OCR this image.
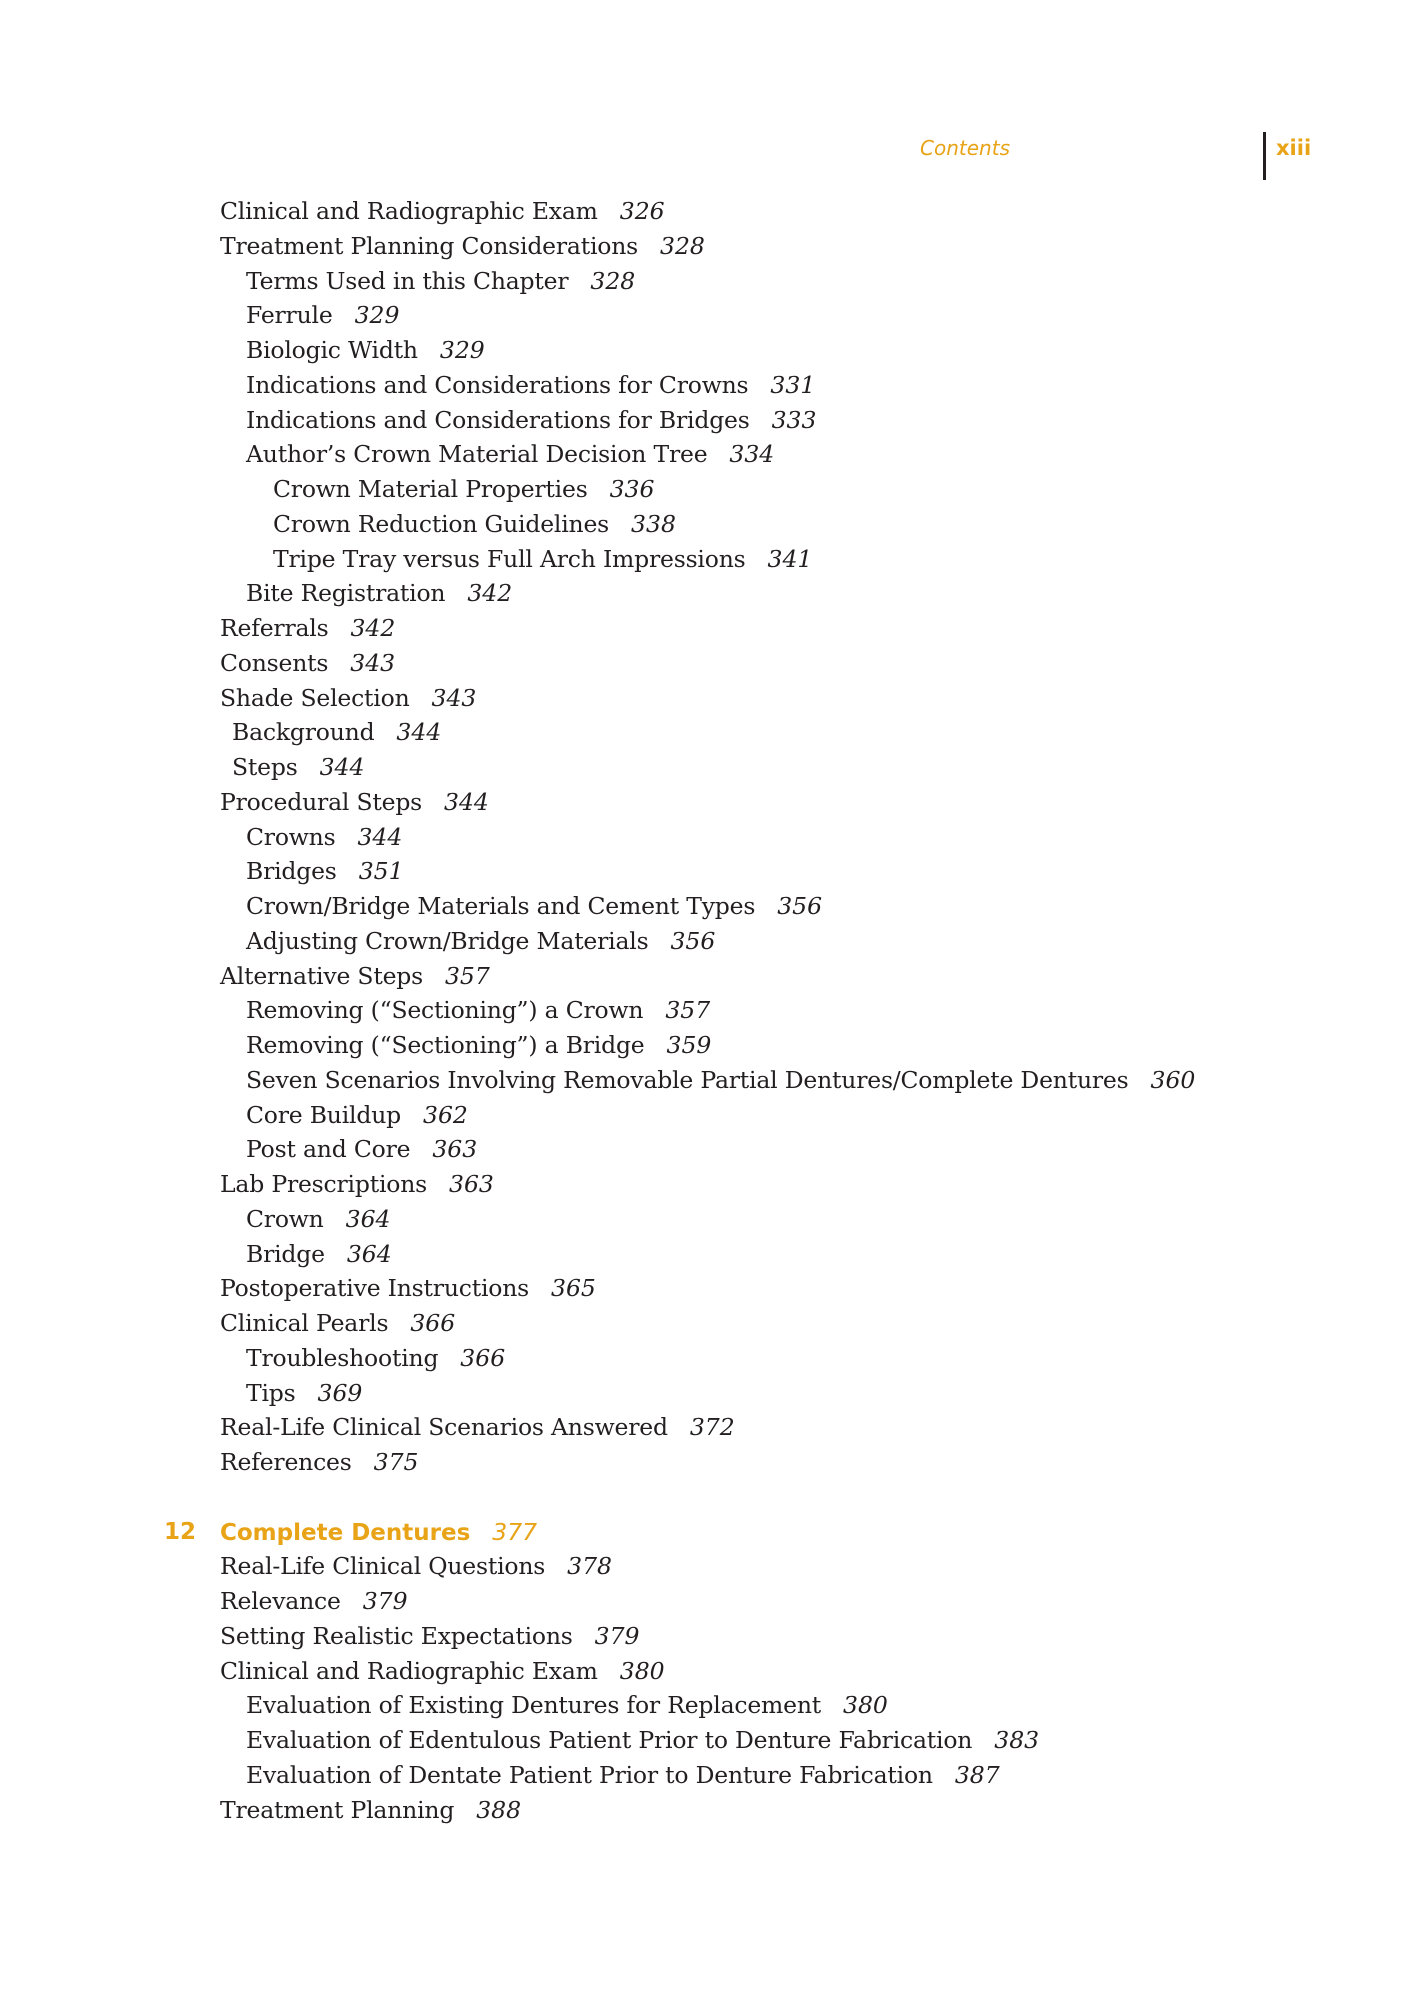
Contents	xiii
Clinical and Radiographic Exam 326
Treatment Planning Considerations 328
Terms Used in this Chapter 328
Ferrule 329
Biologic Width 329
Indications and Considerations for Crowns 331
Indications and Considerations for Bridges 333
Author’s Crown Material Decision Tree 334
Crown Material Properties 336
Crown Reduction Guidelines 338
Tripe Tray versus Full Arch Impressions 341
Bite Registration 342
Referrals 342
Consents 343
Shade Selection 343
Background 344
Steps 344
Procedural Steps 344
Crowns 344
Bridges 351
Crown/Bridge Materials and Cement Types 356
Adjusting Crown/Bridge Materials 356
Alternative Steps 357
Removing (“Sectioning”) a Crown 357
Removing (“Sectioning”) a Bridge 359
Seven Scenarios Involving Removable Partial Dentures/Complete Dentures 360
Core Buildup 362
Post and Core 363
Lab Prescriptions 363
Crown 364
Bridge 364
Postoperative Instructions 365
Clinical Pearls 366
Troubleshooting 366
Tips 369
Real-Life Clinical Scenarios Answered 372
References 375
12 Complete Dentures 377
Real-Life Clinical Questions 378
Relevance 379
Setting Realistic Expectations 379
Clinical and Radiographic Exam 380
Evaluation of Existing Dentures for Replacement 380
Evaluation of Edentulous Patient Prior to Denture Fabrication 383
Evaluation of Dentate Patient Prior to Denture Fabrication 387
Treatment Planning 388
